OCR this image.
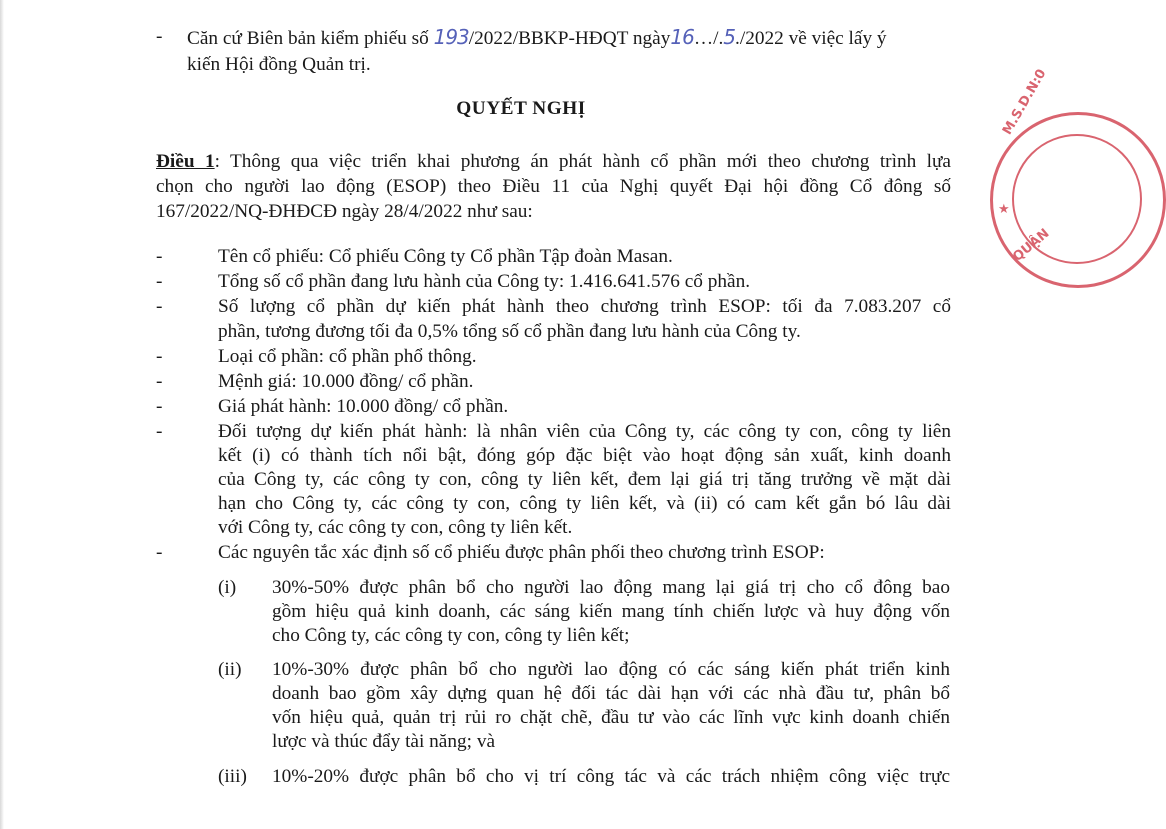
- Căn cứ Biên bản kiểm phiếu số 193/2022/BBKP-HĐQT ngày16…/.5./2022 về việc lấy ý
kiến Hội đồng Quản trị.
QUYẾT NGHỊ
Điều 1: Thông qua việc triển khai phương án phát hành cổ phần mới theo chương trình lựa
chọn cho người lao động (ESOP) theo Điều 11 của Nghị quyết Đại hội đồng Cổ đông số
167/2022/NQ-ĐHĐCĐ ngày 28/4/2022 như sau:
-	Tên cổ phiếu: Cổ phiếu Công ty Cổ phần Tập đoàn Masan.
-	Tổng số cổ phần đang lưu hành của Công ty: 1.416.641.576 cổ phần.
-	Số lượng cổ phần dự kiến phát hành theo chương trình ESOP: tối đa 7.083.207 cổ
phần, tương đương tối đa 0,5% tổng số cổ phần đang lưu hành của Công ty.
-	Loại cổ phần: cổ phần phổ thông.
-	Mệnh giá: 10.000 đồng/ cổ phần.
-	Giá phát hành: 10.000 đồng/ cổ phần.
-	Đối tượng dự kiến phát hành: là nhân viên của Công ty, các công ty con, công ty liên
kết (i) có thành tích nổi bật, đóng góp đặc biệt vào hoạt động sản xuất, kinh doanh
của Công ty, các công ty con, công ty liên kết, đem lại giá trị tăng trưởng về mặt dài
hạn cho Công ty, các công ty con, công ty liên kết, và (ii) có cam kết gắn bó lâu dài
với Công ty, các công ty con, công ty liên kết.
-	Các nguyên tắc xác định số cổ phiếu được phân phối theo chương trình ESOP:
(i) 30%-50% được phân bổ cho người lao động mang lại giá trị cho cổ đông bao
gồm hiệu quả kinh doanh, các sáng kiến mang tính chiến lược và huy động vốn
cho Công ty, các công ty con, công ty liên kết;
(ii) 10%-30% được phân bổ cho người lao động có các sáng kiến phát triển kinh
doanh bao gồm xây dựng quan hệ đối tác dài hạn với các nhà đầu tư, phân bổ
vốn hiệu quả, quản trị rủi ro chặt chẽ, đầu tư vào các lĩnh vực kinh doanh chiến
lược và thúc đẩy tài năng; và
(iii) 10%-20% được phân bổ cho vị trí công tác và các trách nhiệm công việc trực
M.S.D.N:0
★
QUẬN
